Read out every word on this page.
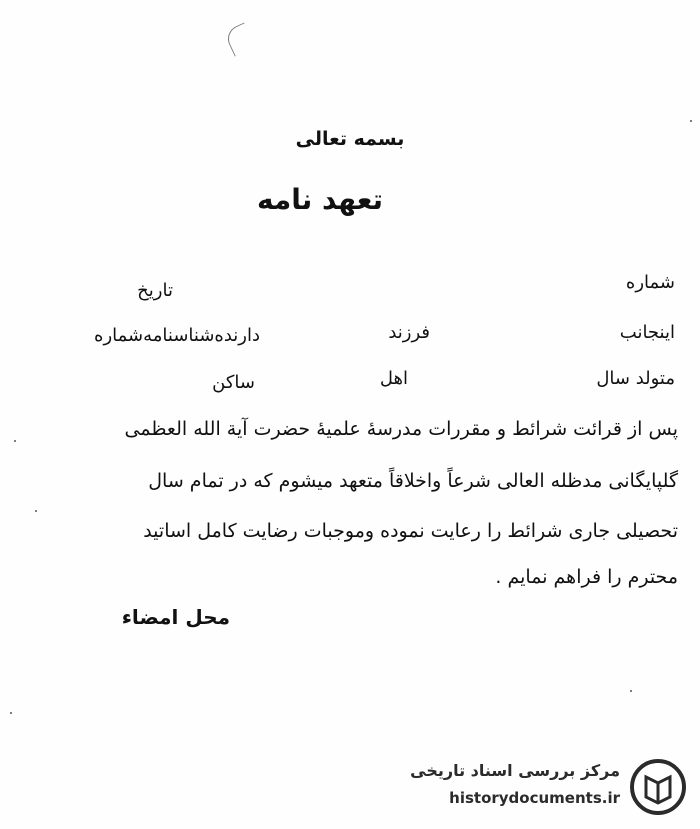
بسمه تعالی
تعهد نامه
شماره
تاریخ
اینجانب
فرزند
دارنده‌شناسنامه‌شماره
متولد سال
اهل
ساکن
پس از قرائت شرائط و مقررات مدرسهٔ علمیهٔ حضرت آیة الله العظمی
گلپایگانی مدظله العالی شرعاً واخلاقاً متعهد میشوم که در تمام سال
تحصیلی جاری شرائط را رعایت نموده وموجبات رضایت کامل اساتید
محترم را فراهم نمایم .
محل امضاء
مرکز بررسی اسناد تاریخی
historydocuments.ir
